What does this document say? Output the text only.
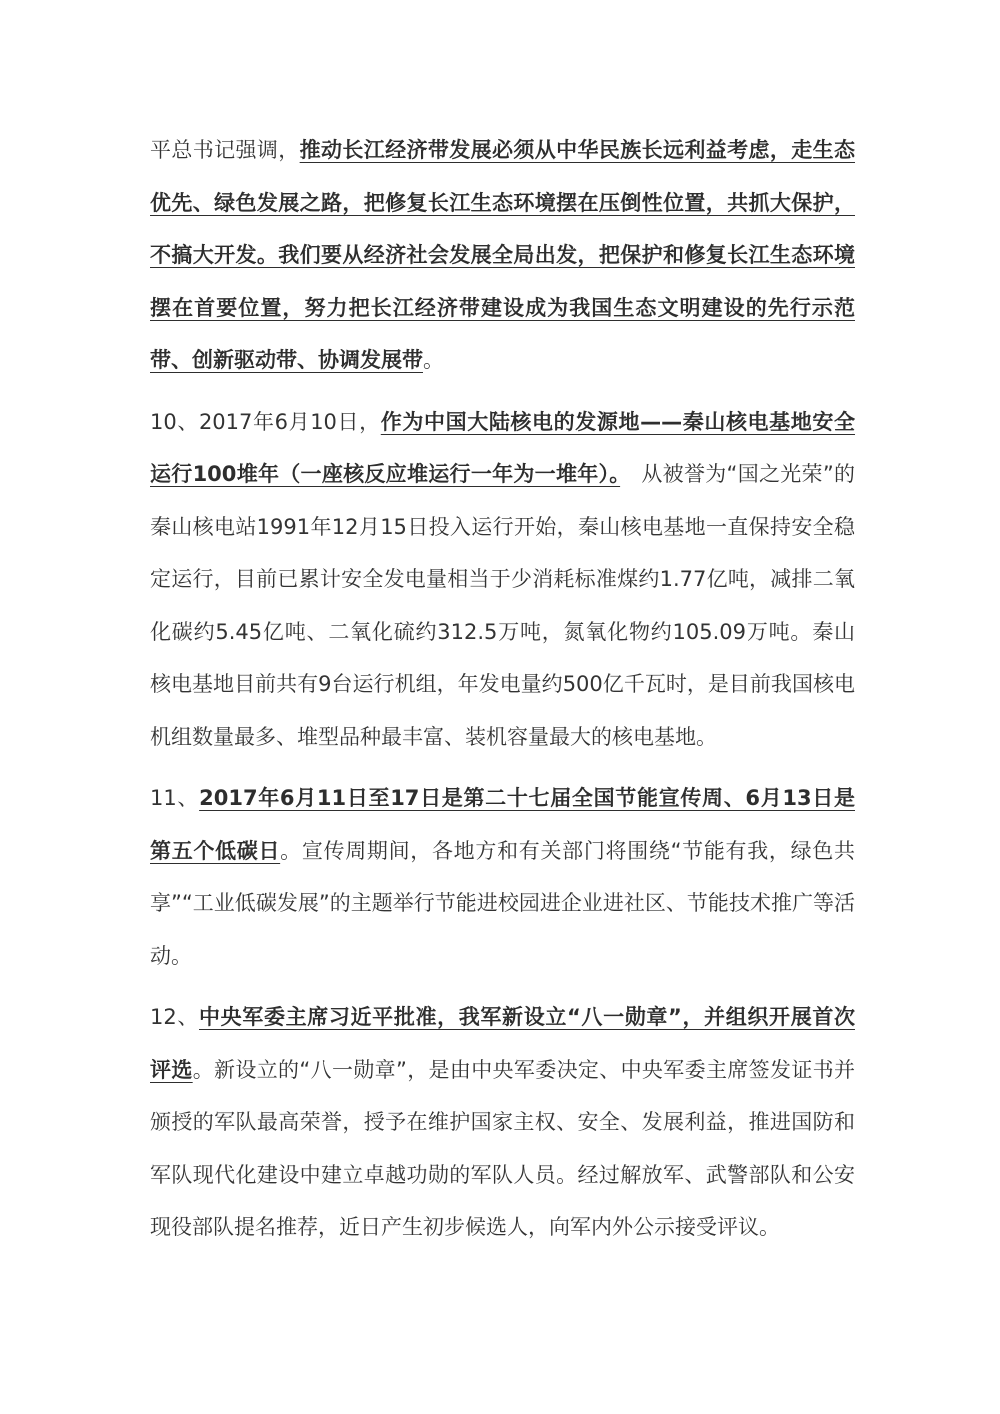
平总书记强调，推动长江经济带发展必须从中华民族长远利益考虑，走生态优先、绿色发展之路，把修复长江生态环境摆在压倒性位置，共抓大保护，不搞大开发。我们要从经济社会发展全局出发，把保护和修复长江生态环境摆在首要位置，努力把长江经济带建设成为我国生态文明建设的先行示范带、创新驱动带、协调发展带。

10、2017年6月10日，作为中国大陆核电的发源地——秦山核电基地安全运行100堆年（一座核反应堆运行一年为一堆年）。　从被誉为“国之光荣”的秦山核电站1991年12月15日投入运行开始，秦山核电基地一直保持安全稳定运行，目前已累计安全发电量相当于少消耗标准煤约1.77亿吨，减排二氧化碳约5.45亿吨、二氧化硫约312.5万吨，氮氧化物约105.09万吨。秦山核电基地目前共有9台运行机组，年发电量约500亿千瓦时，是目前我国核电机组数量最多、堆型品种最丰富、装机容量最大的核电基地。

11、2017年6月11日至17日是第二十七届全国节能宣传周、6月13日是第五个低碳日。宣传周期间，各地方和有关部门将围绕“节能有我，绿色共享”“工业低碳发展”的主题举行节能进校园进企业进社区、节能技术推广等活动。

12、中央军委主席习近平批准，我军新设立“八一勋章”，并组织开展首次评选。新设立的“八一勋章”，是由中央军委决定、中央军委主席签发证书并颁授的军队最高荣誉，授予在维护国家主权、安全、发展利益，推进国防和军队现代化建设中建立卓越功勋的军队人员。经过解放军、武警部队和公安现役部队提名推荐，近日产生初步候选人，向军内外公示接受评议。
